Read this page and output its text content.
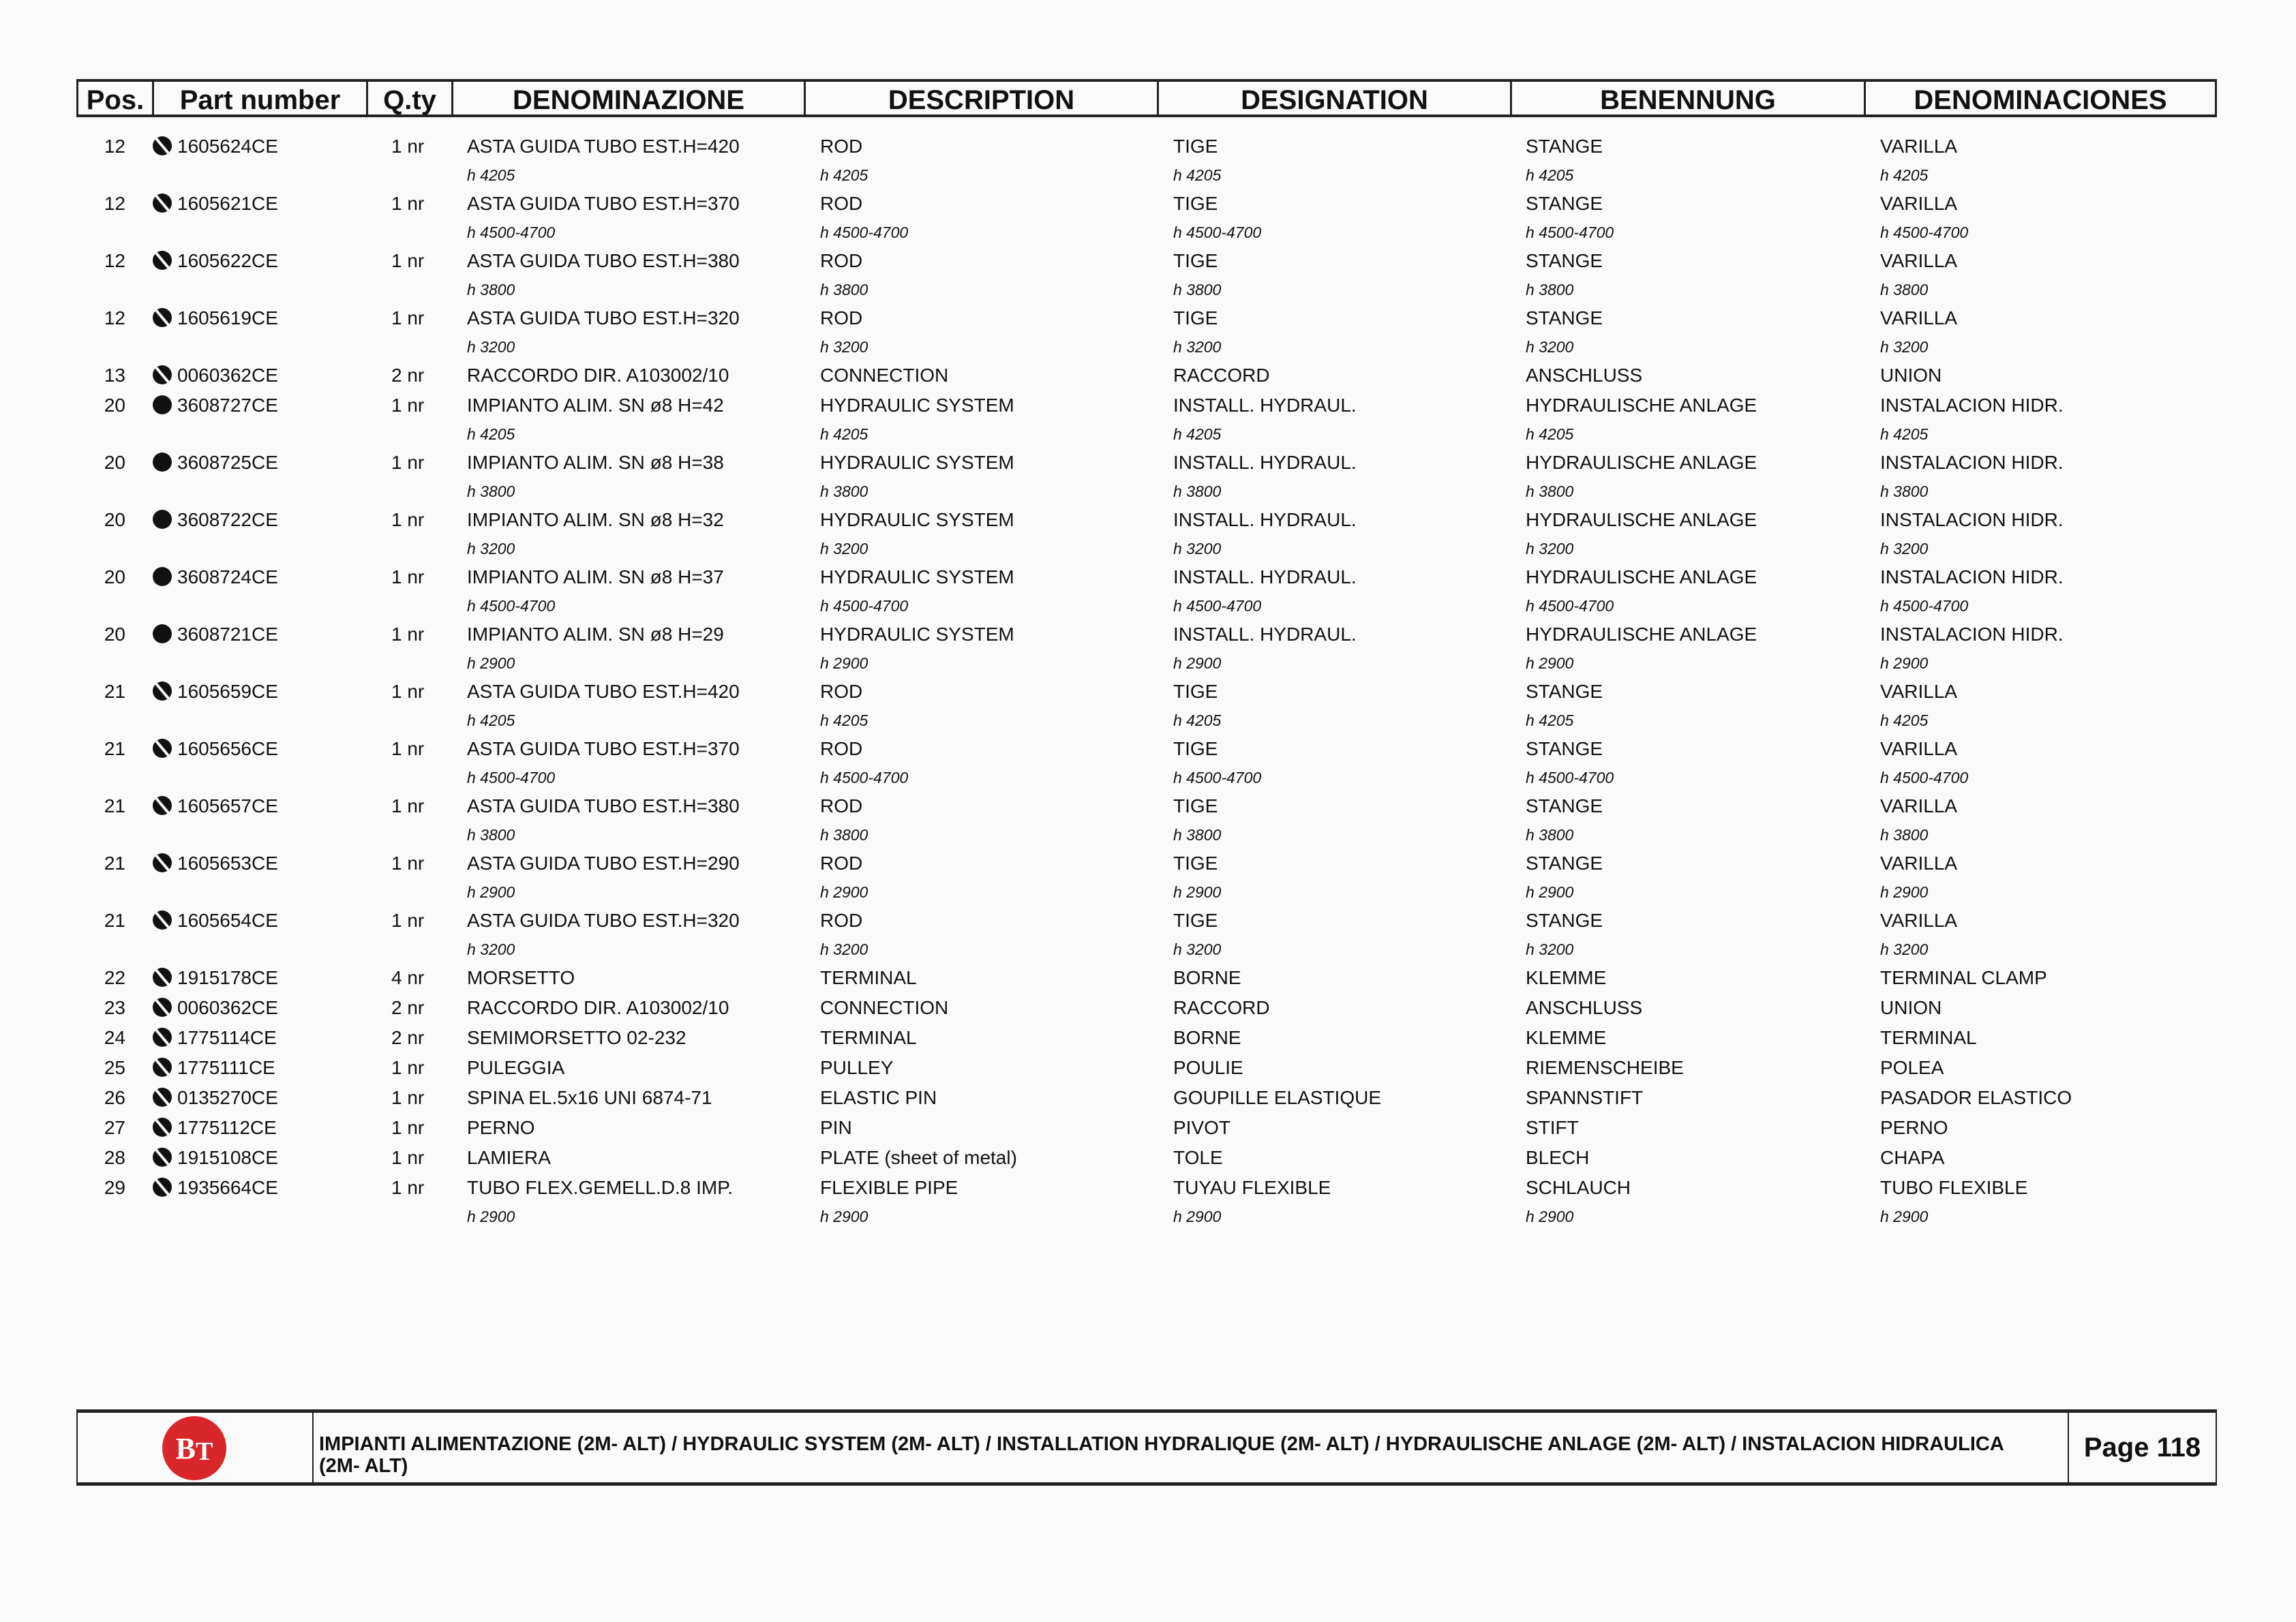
Pos.	Part number	Q.ty	DENOMINAZIONE	DESCRIPTION	DESIGNATION	BENENNUNG	DENOMINACIONES
12	1605624CE	1 nr ASTA GUIDA TUBO EST.H=420	ROD	TIGE	STANGE	VARILLA
h 4205	h 4205	h 4205	h 4205	h 4205
12	1605621CE	1 nr ASTA GUIDA TUBO EST.H=370	ROD	TIGE	STANGE	VARILLA
h 4500-4700	h 4500-4700	h 4500-4700	h 4500-4700	h 4500-4700
12	1605622CE	1 nr ASTA GUIDA TUBO EST.H=380	ROD	TIGE	STANGE	VARILLA
h 3800	h 3800	h 3800	h 3800	h 3800
12	1605619CE	1 nr ASTA GUIDA TUBO EST.H=320	ROD	TIGE	STANGE	VARILLA
h 3200	h 3200	h 3200	h 3200	h 3200
13	0060362CE	2 nr RACCORDO DIR. A103002/10	CONNECTION	RACCORD	ANSCHLUSS	UNION
20	3608727CE	1 nr IMPIANTO ALIM. SN ø8 H=42	HYDRAULIC SYSTEM	INSTALL. HYDRAUL.	HYDRAULISCHE ANLAGE	INSTALACION HIDR.
h 4205	h 4205	h 4205	h 4205	h 4205
20	3608725CE	1 nr IMPIANTO ALIM. SN ø8 H=38	HYDRAULIC SYSTEM	INSTALL. HYDRAUL.	HYDRAULISCHE ANLAGE	INSTALACION HIDR.
h 3800	h 3800	h 3800	h 3800	h 3800
20	3608722CE	1 nr IMPIANTO ALIM. SN ø8 H=32	HYDRAULIC SYSTEM	INSTALL. HYDRAUL.	HYDRAULISCHE ANLAGE	INSTALACION HIDR.
h 3200	h 3200	h 3200	h 3200	h 3200
20	3608724CE	1 nr IMPIANTO ALIM. SN ø8 H=37	HYDRAULIC SYSTEM	INSTALL. HYDRAUL.	HYDRAULISCHE ANLAGE	INSTALACION HIDR.
h 4500-4700	h 4500-4700	h 4500-4700	h 4500-4700	h 4500-4700
20	3608721CE	1 nr IMPIANTO ALIM. SN ø8 H=29	HYDRAULIC SYSTEM	INSTALL. HYDRAUL.	HYDRAULISCHE ANLAGE	INSTALACION HIDR.
h 2900	h 2900	h 2900	h 2900	h 2900
21	1605659CE	1 nr ASTA GUIDA TUBO EST.H=420	ROD	TIGE	STANGE	VARILLA
h 4205	h 4205	h 4205	h 4205	h 4205
21	1605656CE	1 nr ASTA GUIDA TUBO EST.H=370	ROD	TIGE	STANGE	VARILLA
h 4500-4700	h 4500-4700	h 4500-4700	h 4500-4700	h 4500-4700
21	1605657CE	1 nr ASTA GUIDA TUBO EST.H=380	ROD	TIGE	STANGE	VARILLA
h 3800	h 3800	h 3800	h 3800	h 3800
21	1605653CE	1 nr ASTA GUIDA TUBO EST.H=290	ROD	TIGE	STANGE	VARILLA
h 2900	h 2900	h 2900	h 2900	h 2900
21	1605654CE	1 nr ASTA GUIDA TUBO EST.H=320	ROD	TIGE	STANGE	VARILLA
h 3200	h 3200	h 3200	h 3200	h 3200
22	1915178CE	4 nr MORSETTO	TERMINAL	BORNE	KLEMME	TERMINAL CLAMP
23	0060362CE	2 nr RACCORDO DIR. A103002/10	CONNECTION	RACCORD	ANSCHLUSS	UNION
24	1775114CE	2 nr SEMIMORSETTO 02-232	TERMINAL	BORNE	KLEMME	TERMINAL
25	1775111CE	1 nr PULEGGIA	PULLEY	POULIE	RIEMENSCHEIBE	POLEA
26	0135270CE	1 nr SPINA EL.5x16 UNI 6874-71	ELASTIC PIN	GOUPILLE ELASTIQUE	SPANNSTIFT	PASADOR ELASTICO
27	1775112CE	1 nr PERNO	PIN	PIVOT	STIFT	PERNO
28	1915108CE	1 nr LAMIERA	PLATE (sheet of metal)	TOLE	BLECH	CHAPA
29	1935664CE	1 nr TUBO FLEX.GEMELL.D.8 IMP.	FLEXIBLE PIPE	TUYAU FLEXIBLE	SCHLAUCH	TUBO FLEXIBLE
h 2900	h 2900	h 2900	h 2900	h 2900
B T	IMPIANTI ALIMENTAZIONE (2M- ALT) / HYDRAULIC SYSTEM (2M- ALT) / INSTALLATION HYDRALIQUE (2M- ALT) / HYDRAULISCHE ANLAGE (2M- ALT) / INSTALACION HIDRAULICA (2M- ALT)
Page 118
